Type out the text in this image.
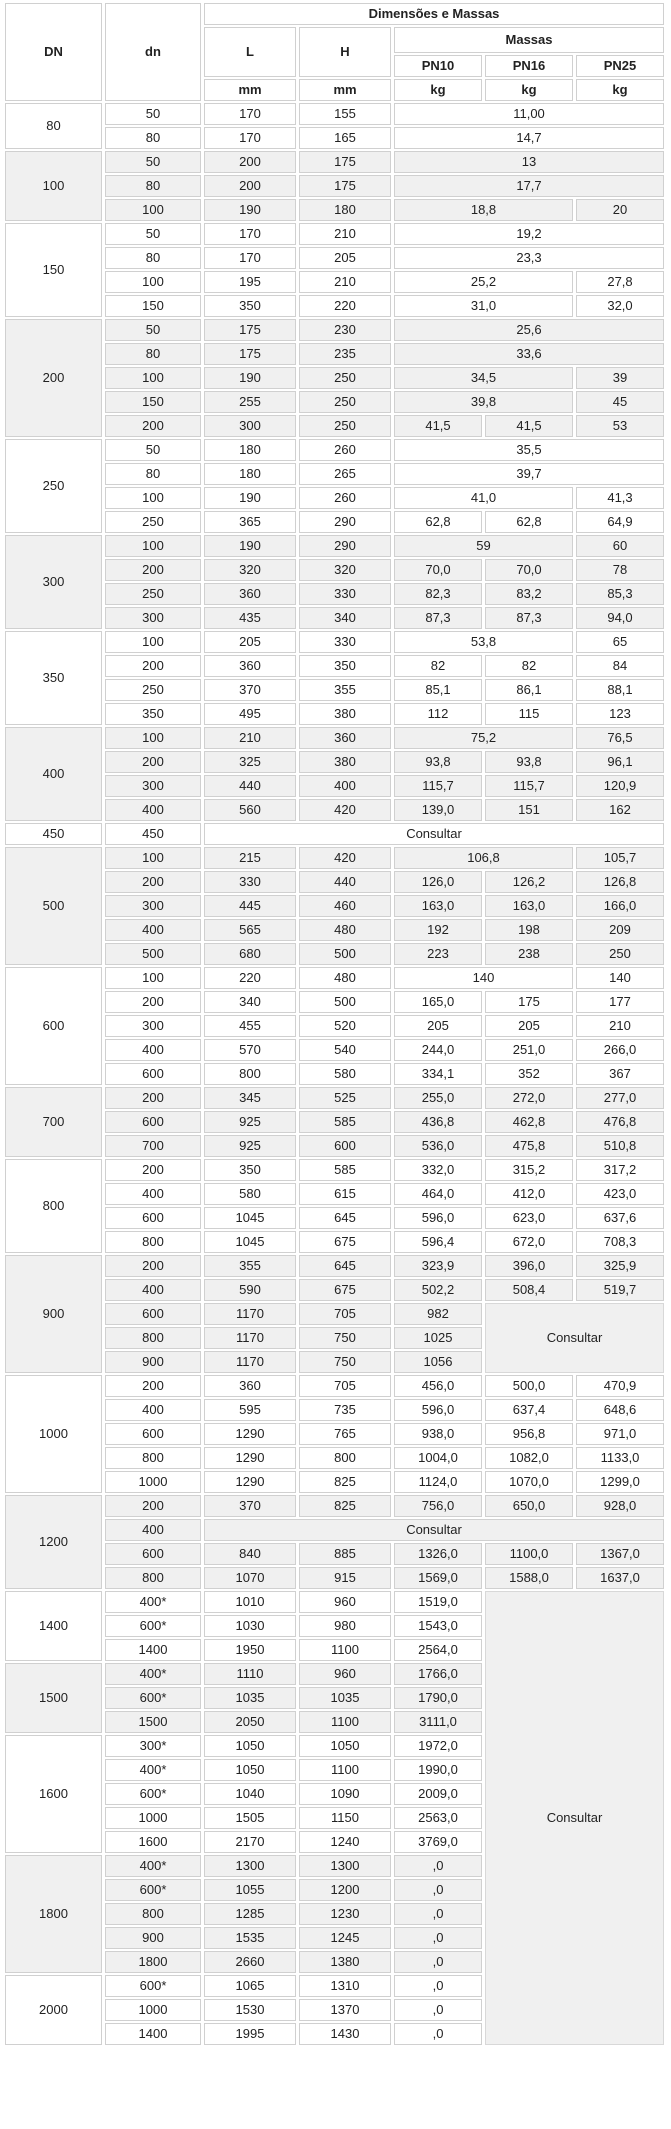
DN	dn	Dimensões e Massas				
		L	H	Massas		
				PN10	PN16	PN25
		mm	mm	kg	kg	kg
80	50	170	155	11,00		
	80	170	165	14,7		
100	50	200	175	13		
	80	200	175	17,7		
	100	190	180	18,8		20
150	50	170	210	19,2		
	80	170	205	23,3		
	100	195	210	25,2		27,8
	150	350	220	31,0		32,0
200	50	175	230	25,6		
	80	175	235	33,6		
	100	190	250	34,5		39
	150	255	250	39,8		45
	200	300	250	41,5	41,5	53
250	50	180	260	35,5		
	80	180	265	39,7		
	100	190	260	41,0		41,3
	250	365	290	62,8	62,8	64,9
300	100	190	290	59		60
	200	320	320	70,0	70,0	78
	250	360	330	82,3	83,2	85,3
	300	435	340	87,3	87,3	94,0
350	100	205	330	53,8		65
	200	360	350	82	82	84
	250	370	355	85,1	86,1	88,1
	350	495	380	112	115	123
400	100	210	360	75,2		76,5
	200	325	380	93,8	93,8	96,1
	300	440	400	115,7	115,7	120,9
	400	560	420	139,0	151	162
450	450	Consultar				
500	100	215	420	106,8		105,7
	200	330	440	126,0	126,2	126,8
	300	445	460	163,0	163,0	166,0
	400	565	480	192	198	209
	500	680	500	223	238	250
600	100	220	480	140		140
	200	340	500	165,0	175	177
	300	455	520	205	205	210
	400	570	540	244,0	251,0	266,0
	600	800	580	334,1	352	367
700	200	345	525	255,0	272,0	277,0
	600	925	585	436,8	462,8	476,8
	700	925	600	536,0	475,8	510,8
800	200	350	585	332,0	315,2	317,2
	400	580	615	464,0	412,0	423,0
	600	1045	645	596,0	623,0	637,6
	800	1045	675	596,4	672,0	708,3
900	200	355	645	323,9	396,0	325,9
	400	590	675	502,2	508,4	519,7
	600	1170	705	982	Consultar	
	800	1170	750	1025		
	900	1170	750	1056		
1000	200	360	705	456,0	500,0	470,9
	400	595	735	596,0	637,4	648,6
	600	1290	765	938,0	956,8	971,0
	800	1290	800	1004,0	1082,0	1133,0
	1000	1290	825	1124,0	1070,0	1299,0
1200	200	370	825	756,0	650,0	928,0
	400	Consultar				
	600	840	885	1326,0	1100,0	1367,0
	800	1070	915	1569,0	1588,0	1637,0
1400	400*	1010	960	1519,0	Consultar	
	600*	1030	980	1543,0		
	1400	1950	1100	2564,0		
1500	400*	1110	960	1766,0		
	600*	1035	1035	1790,0		
	1500	2050	1100	3111,0		
1600	300*	1050	1050	1972,0		
	400*	1050	1100	1990,0		
	600*	1040	1090	2009,0		
	1000	1505	1150	2563,0		
	1600	2170	1240	3769,0		
1800	400*	1300	1300	,0		
	600*	1055	1200	,0		
	800	1285	1230	,0		
	900	1535	1245	,0		
	1800	2660	1380	,0		
2000	600*	1065	1310	,0		
	1000	1530	1370	,0		
	1400	1995	1430	,0		
